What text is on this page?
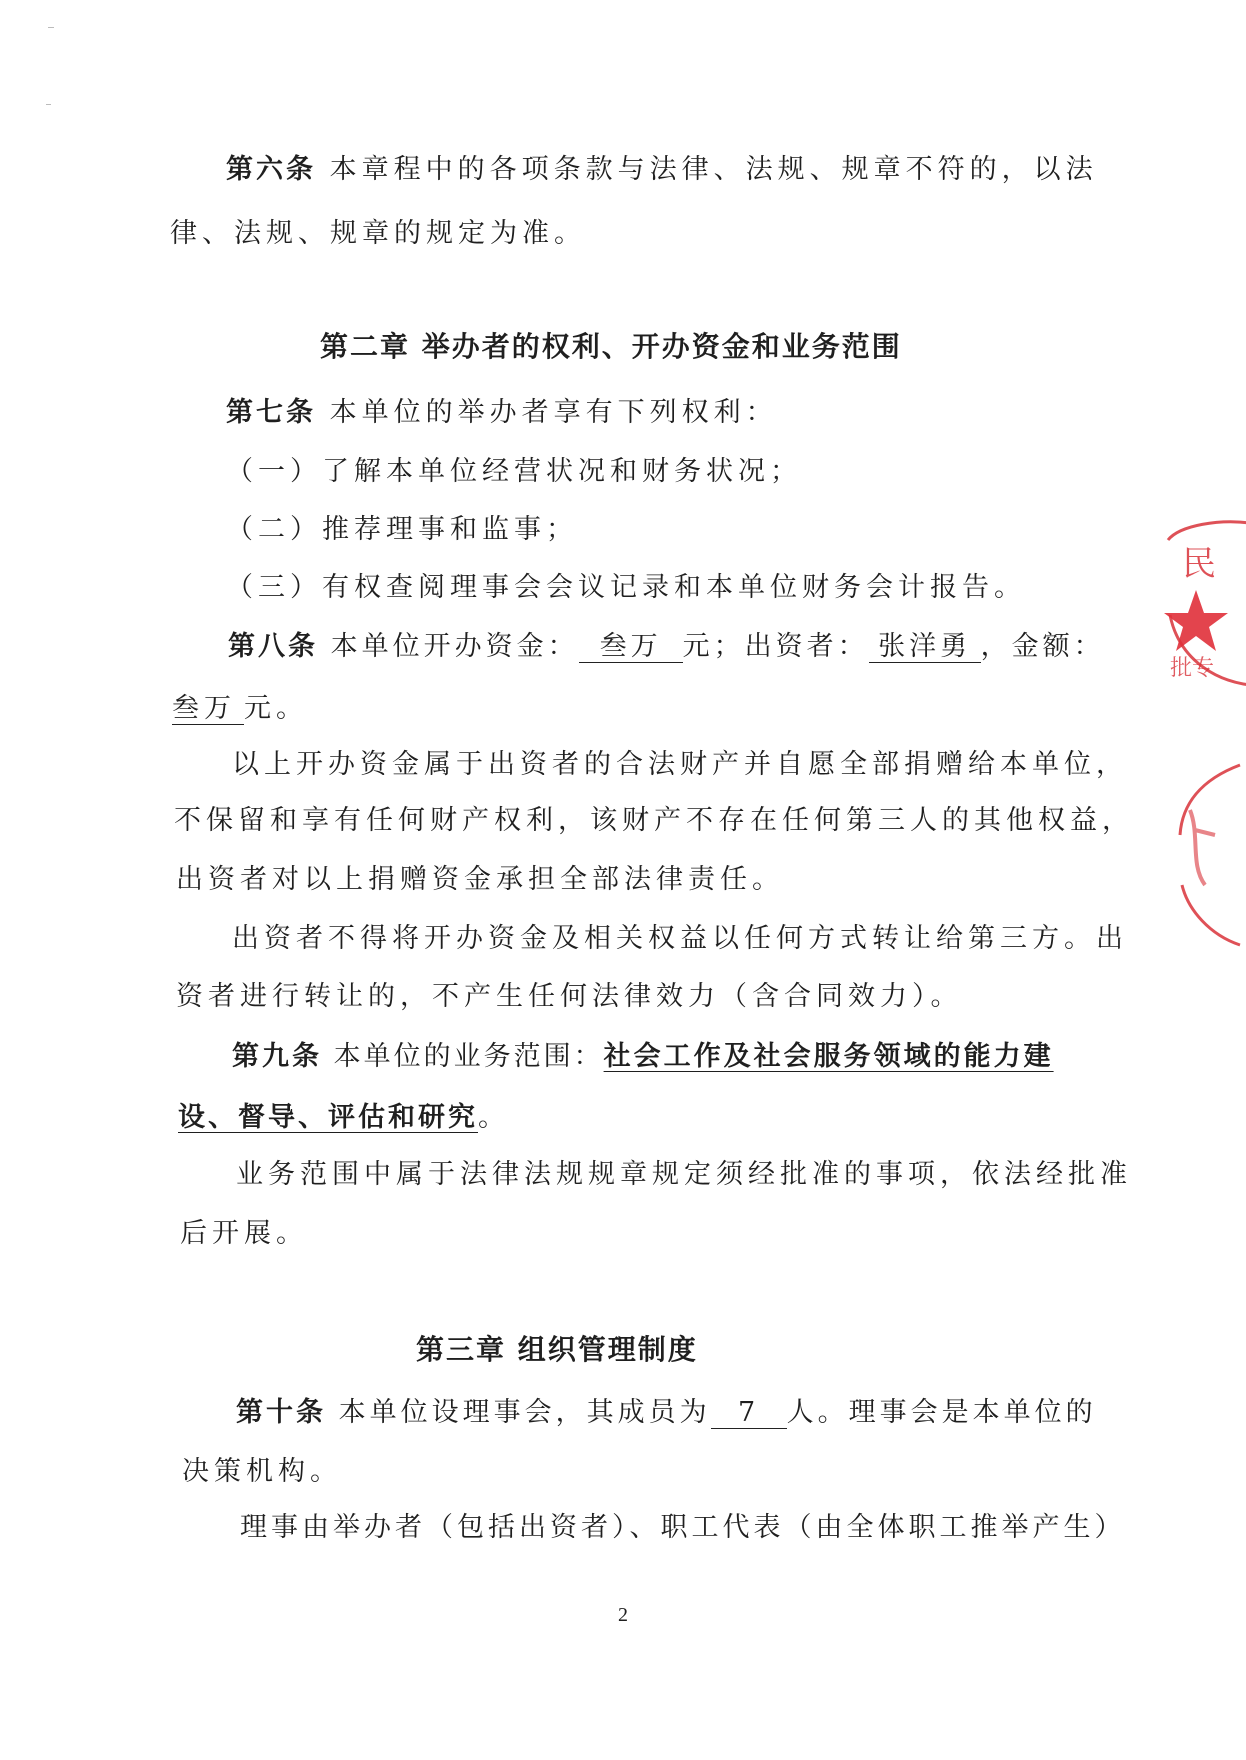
第六条 本章程中的各项条款与法律、法规、规章不符的，以法
律、法规、规章的规定为准。
第二章 举办者的权利、开办资金和业务范围
第七条 本单位的举办者享有下列权利：
（一）了解本单位经营状况和财务状况；
（二）推荐理事和监事；
（三）有权查阅理事会会议记录和本单位财务会计报告。
第八条 本单位开办资金： 叁万 元；出资者： 张洋勇 ，金额：
叁万 元。
以上开办资金属于出资者的合法财产并自愿全部捐赠给本单位，
不保留和享有任何财产权利，该财产不存在任何第三人的其他权益，
出资者对以上捐赠资金承担全部法律责任。
出资者不得将开办资金及相关权益以任何方式转让给第三方。出
资者进行转让的，不产生任何法律效力（含合同效力）。
第九条 本单位的业务范围：社会工作及社会服务领域的能力建
设、督导、评估和研究。
业务范围中属于法律法规规章规定须经批准的事项，依法经批准
后开展。
第三章 组织管理制度
第十条 本单位设理事会，其成员为 7 人。理事会是本单位的
决策机构。
理事由举办者（包括出资者）、职工代表（由全体职工推举产生）
2
民
批专
